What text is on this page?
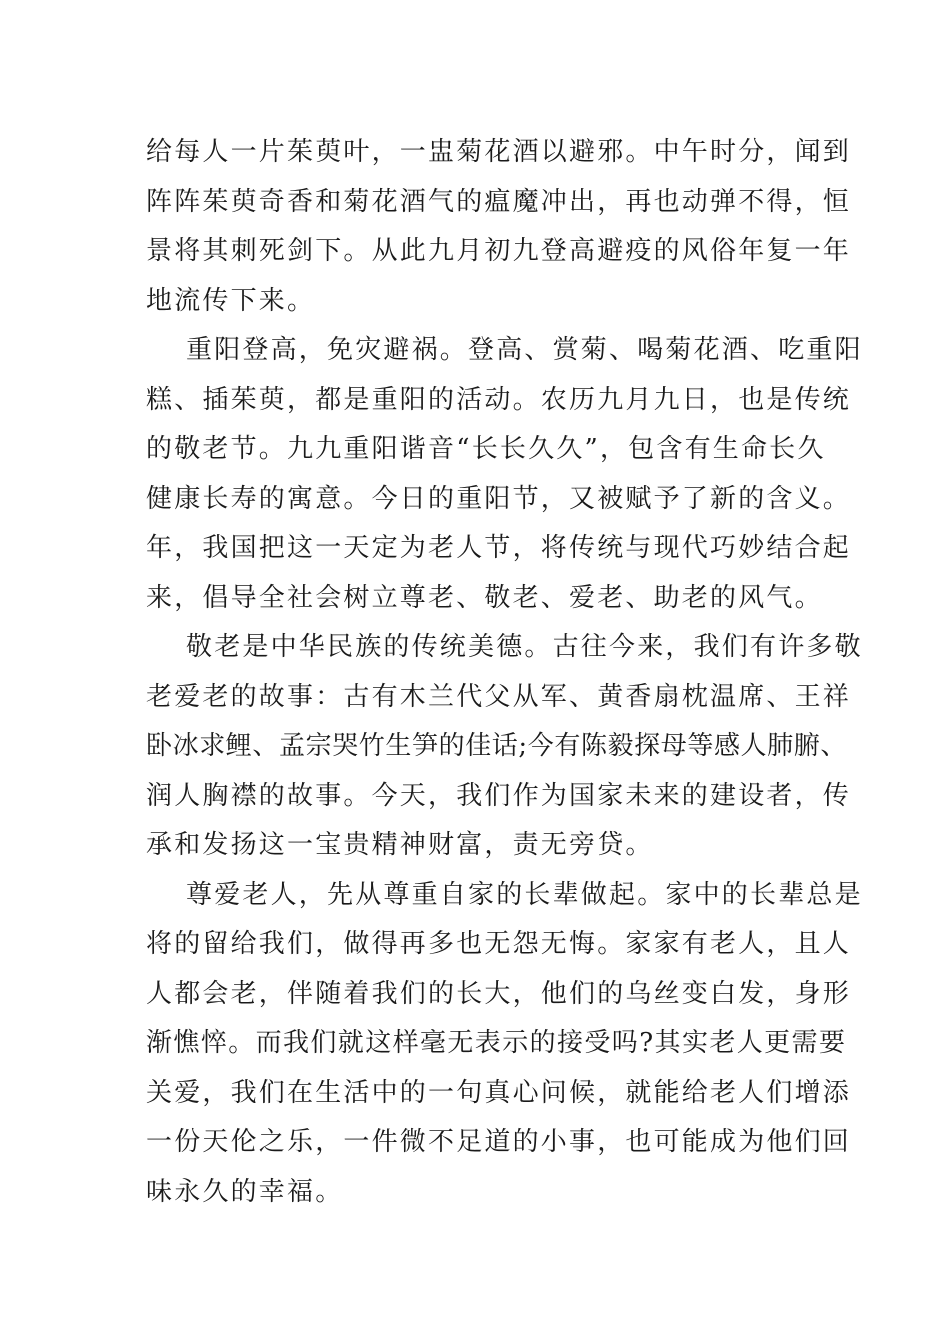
给每人一片茱萸叶，一盅菊花酒以避邪。中午时分，闻到
阵阵茱萸奇香和菊花酒气的瘟魔冲出，再也动弹不得，恒
景将其刺死剑下。从此九月初九登高避疫的风俗年复一年
地流传下来。
重阳登高，免灾避祸。登高、赏菊、喝菊花酒、吃重阳
糕、插茱萸，都是重阳的活动。农历九月九日，也是传统
的敬老节。九九重阳谐音“长长久久”，包含有生命长久
健康长寿的寓意。今日的重阳节，又被赋予了新的含义。
年，我国把这一天定为老人节，将传统与现代巧妙结合起
来，倡导全社会树立尊老、敬老、爱老、助老的风气。
敬老是中华民族的传统美德。古往今来，我们有许多敬
老爱老的故事：古有木兰代父从军、黄香扇枕温席、王祥
卧冰求鲤、孟宗哭竹生笋的佳话;今有陈毅探母等感人肺腑、
润人胸襟的故事。今天，我们作为国家未来的建设者，传
承和发扬这一宝贵精神财富，责无旁贷。
尊爱老人，先从尊重自家的长辈做起。家中的长辈总是
将的留给我们，做得再多也无怨无悔。家家有老人，且人
人都会老，伴随着我们的长大，他们的乌丝变白发，身形
渐憔悴。而我们就这样毫无表示的接受吗?其实老人更需要
关爱，我们在生活中的一句真心问候，就能给老人们增添
一份天伦之乐，一件微不足道的小事，也可能成为他们回
味永久的幸福。
